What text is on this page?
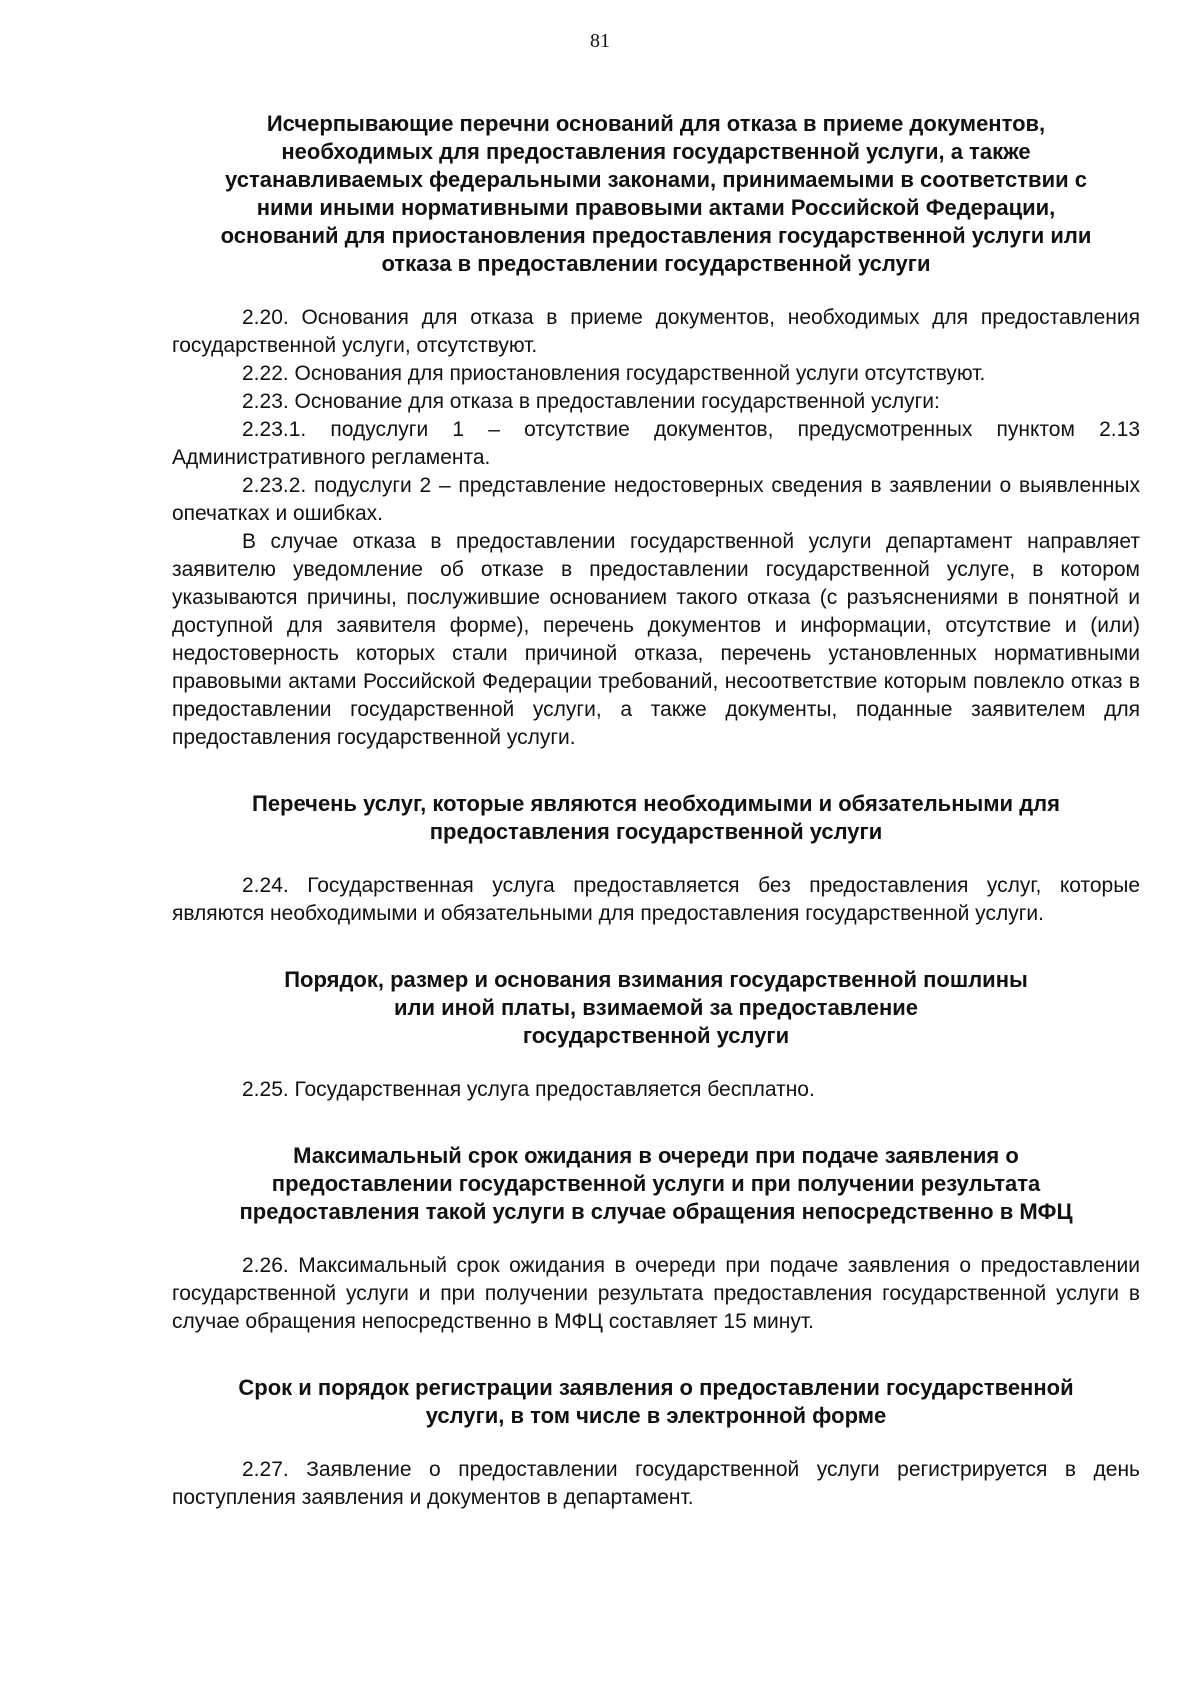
81
Исчерпывающие перечни оснований для отказа в приеме документов,
необходимых для предоставления государственной услуги, а также
устанавливаемых федеральными законами, принимаемыми в соответствии с
ними иными нормативными правовыми актами Российской Федерации,
оснований для приостановления предоставления государственной услуги или
отказа в предоставлении государственной услуги

2.20. Основания для отказа в приеме документов, необходимых для предоставления государственной услуги, отсутствуют.

2.22. Основания для приостановления государственной услуги отсутствуют.

2.23. Основание для отказа в предоставлении государственной услуги:

2.23.1. подуслуги 1 – отсутствие документов, предусмотренных пунктом 2.13 Административного регламента.

2.23.2. подуслуги 2 – представление недостоверных сведения в заявлении о выявленных опечатках и ошибках.

В случае отказа в предоставлении государственной услуги департамент направляет заявителю уведомление об отказе в предоставлении государственной услуге, в котором указываются причины, послужившие основанием такого отказа (с разъяснениями в понятной и доступной для заявителя форме), перечень документов и информации, отсутствие и (или) недостоверность которых стали причиной отказа, перечень установленных нормативными правовыми актами Российской Федерации требований, несоответствие которым повлекло отказ в предоставлении государственной услуги, а также документы, поданные заявителем для предоставления государственной услуги.

Перечень услуг, которые являются необходимыми и обязательными для
предоставления государственной услуги

2.24. Государственная услуга предоставляется без предоставления услуг, которые являются необходимыми и обязательными для предоставления государственной услуги.

Порядок, размер и основания взимания государственной пошлины
или иной платы, взимаемой за предоставление
государственной услуги

2.25. Государственная услуга предоставляется бесплатно.

Максимальный срок ожидания в очереди при подаче заявления о
предоставлении государственной услуги и при получении результата
предоставления такой услуги в случае обращения непосредственно в МФЦ

2.26. Максимальный срок ожидания в очереди при подаче заявления о предоставлении государственной услуги и при получении результата предоставления государственной услуги в случае обращения непосредственно в МФЦ составляет 15 минут.

Срок и порядок регистрации заявления о предоставлении государственной
услуги, в том числе в электронной форме

2.27. Заявление о предоставлении государственной услуги регистрируется в день поступления заявления и документов в департамент.
